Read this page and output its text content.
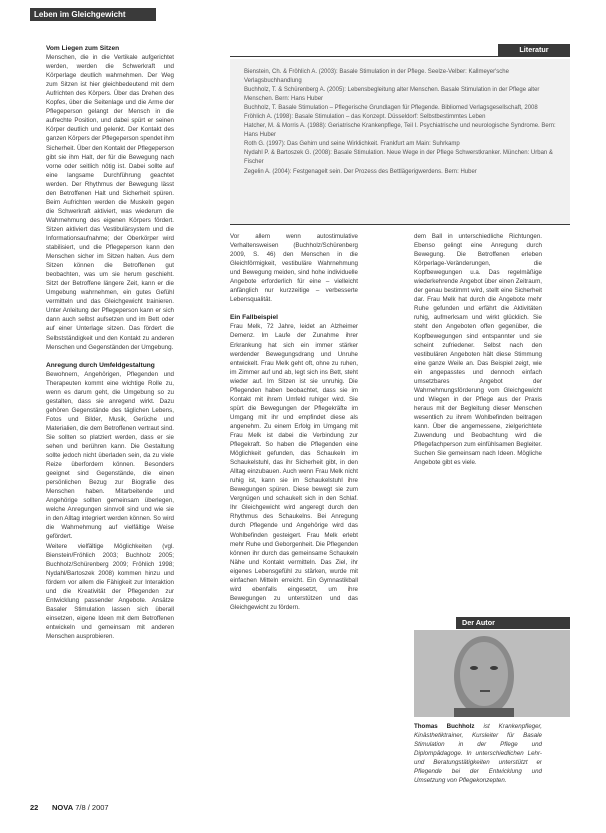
Leben im Gleichgewicht
Vom Liegen zum Sitzen

Menschen, die in die Vertikale aufgerichtet werden, werden die Schwerkraft und Körperlage deutlich wahrnehmen. Der Weg zum Sitzen ist hier gleichbedeutend mit dem Aufrichten des Körpers. Über das Drehen des Kopfes, über die Seitenlage und die Arme der Pflegeperson gelangt der Mensch in die aufrechte Position, und dabei spürt er seinen Körper deutlich und gelenkt. Der Kontakt des ganzen Körpers der Pflegeperson spendet ihm Sicherheit. Über den Kontakt der Pflegeperson gibt sie ihm Halt, der für die Bewegung nach vorne oder seitlich nötig ist. Dabei sollte auf eine langsame Durchführung geachtet werden. Der Rhythmus der Bewegung lässt den Betroffenen Halt und Sicherheit spüren. Beim Aufrichten werden die Muskeln gegen die Schwerkraft aktiviert, was wiederum die Wahrnehmung des eigenen Körpers fördert. Sitzen aktiviert das Vestibulärsystem und die Informationsaufnahme; der Oberkörper wird stabilisiert, und die Pflegeperson kann den Menschen sicher im Sitzen halten. Aus dem Sitzen können die Betroffenen gut beobachten, was um sie herum geschieht. Sitzt der Betroffene längere Zeit, kann er die Umgebung wahrnehmen, ein gutes Gefühl vermitteln und das Gleichgewicht trainieren. Unter Anleitung der Pflegeperson kann er sich dann auch selbst aufsetzen und im Bett oder auf einer Unterlage sitzen. Das fördert die Selbstständigkeit und den Kontakt zu anderen Menschen und Gegenständen der Umgebung.

Anregung durch Umfeldgestaltung

Bewohnern, Angehörigen, Pflegenden und Therapeuten kommt eine wichtige Rolle zu, wenn es darum geht, die Umgebung so zu gestalten, dass sie anregend wirkt. Dazu gehören Gegenstände des täglichen Lebens, Fotos und Bilder, Musik, Gerüche und Materialien, die dem Betroffenen vertraut sind. Sie sollten so platziert werden, dass er sie sehen und berühren kann. Die Gestaltung sollte jedoch nicht überladen sein, da zu viele Reize überfordern können. Besonders geeignet sind Gegenstände, die einen persönlichen Bezug zur Biografie des Menschen haben. Mitarbeitende und Angehörige sollten gemeinsam überlegen, welche Anregungen sinnvoll sind und wie sie in den Alltag integriert werden können. So wird die Wahrnehmung auf vielfältige Weise gefördert.

Weitere vielfältige Möglichkeiten (vgl. Bienstein/Fröhlich 2003; Buchholz 2005; Buchholz/Schürenberg 2009; Fröhlich 1998; Nydahl/Bartoszek 2008) kommen hinzu und fördern vor allem die Fähigkeit zur Interaktion und die Kreativität der Pflegenden zur Entwicklung passender Angebote. Ansätze Basaler Stimulation lassen sich überall einsetzen, eigene Ideen mit dem Betroffenen entwickeln und gemeinsam mit anderen Menschen ausprobieren.

Literatur
Bienstein, Ch. & Fröhlich A. (2003): Basale Stimulation in der Pflege. Seelze-Velber: Kallmeyer'sche Verlagsbuchhandlung
Buchholz, T. & Schürenberg A. (2005): Lebensbegleitung alter Menschen. Basale Stimulation in der Pflege alter Menschen. Bern: Hans Huber
Buchholz, T. Basale Stimulation – Pflegerische Grundlagen für Pflegende. Bibliomed Verlagsgesellschaft, 2008
Fröhlich A. (1998): Basale Stimulation – das Konzept. Düsseldorf: Selbstbestimmtes Leben
Hatcher, M. & Morris A. (1988): Geriatrische Krankenpflege, Teil I. Psychiatrische und neurologische Syndrome. Bern: Hans Huber
Roth G. (1997): Das Gehirn und seine Wirklichkeit. Frankfurt am Main: Suhrkamp
Nydahl P. & Bartoszek G. (2008): Basale Stimulation. Neue Wege in der Pflege Schwerstkranker. München: Urban & Fischer
Zegelin A. (2004): Festgenagelt sein. Der Prozess des Bettlägerigwerdens. Bern: Huber

Vor allem wenn autostimulative Verhaltensweisen (Buchholz/Schürenberg 2009, S. 46) den Menschen in die Gleichförmigkeit, vestibuläre Wahrnehmung und Bewegung meiden, sind hohe individuelle Angebote erforderlich für eine – vielleicht anfänglich nur kurzzeitige – verbesserte Lebensqualität.

Ein Fallbeispiel

Frau Melk, 72 Jahre, leidet an Alzheimer Demenz. Im Laufe der Zunahme ihrer Erkrankung hat sich ein immer stärker werdender Bewegungsdrang und Unruhe entwickelt. Frau Melk geht oft, ohne zu ruhen, im Zimmer auf und ab, legt sich ins Bett, steht wieder auf. Im Sitzen ist sie unruhig. Die Pflegenden haben beobachtet, dass sie im Kontakt mit ihrem Umfeld ruhiger wird. Sie spürt die Bewegungen der Pflegekräfte im Umgang mit ihr und empfindet diese als angenehm. Zu einem Erfolg im Umgang mit Frau Melk ist dabei die Verbindung zur Pflegekraft. So haben die Pflegenden eine Möglichkeit gefunden, das Schaukeln im Schaukelstuhl, das ihr Sicherheit gibt, in den Alltag einzubauen. Auch wenn Frau Melk nicht ruhig ist, kann sie im Schaukelstuhl ihre Bewegungen spüren. Diese bewegt sie zum Vergnügen und schaukelt sich in den Schlaf. Ihr Gleichgewicht wird angeregt durch den Rhythmus des Schaukelns. Bei Anregung durch Pflegende und Angehörige wird das Wohlbefinden gesteigert. Frau Melk erlebt mehr Ruhe und Geborgenheit. Die Pflegenden können ihr durch das gemeinsame Schaukeln Nähe und Kontakt vermitteln. Das Ziel, ihr eigenes Lebensgefühl zu stärken, wurde mit einfachen Mitteln erreicht. Ein Gymnastikball wird ebenfalls eingesetzt, um ihre Bewegungen zu unterstützen und das Gleichgewicht zu fördern.

dem Ball in unterschiedliche Richtungen. Ebenso gelingt eine Anregung durch Bewegung. Die Betroffenen erleben Körperlage-Veränderungen, die Kopfbewegungen u.a. Das regelmäßige wiederkehrende Angebot über einen Zeitraum, der genau bestimmt wird, stellt eine Sicherheit dar. Frau Melk hat durch die Angebote mehr Ruhe gefunden und erfährt die Aktivitäten ruhig, aufmerksam und wirkt glücklich. Sie steht den Angeboten offen gegenüber, die Kopfbewegungen sind entspannter und sie scheint zufriedener. Selbst nach den vestibulären Angeboten hält diese Stimmung eine ganze Weile an. Das Beispiel zeigt, wie ein angepasstes und dennoch einfach umsetzbares Angebot der Wahrnehmungsförderung vom Gleichgewicht und Wiegen in der Pflege aus der Praxis heraus mit der Begleitung dieser Menschen wesentlich zu ihrem Wohlbefinden beitragen kann. Über die angemessene, zielgerichtete Zuwendung und Beobachtung wird die Pflegefachperson zum einfühlsamen Begleiter. Suchen Sie gemeinsam nach Ideen. Mögliche Angebote gibt es viele.

Der Autor
Thomas Buchholz ist Krankenpfleger, Kinästhetiktrainer, Kursleiter für Basale Stimulation in der Pflege und Diplompädagoge. In unterschiedlichen Lehr- und Beratungstätigkeiten unterstützt er Pflegende bei der Entwicklung und Umsetzung von Pflegekonzepten.
22 NOVA 7/8 / 2007
